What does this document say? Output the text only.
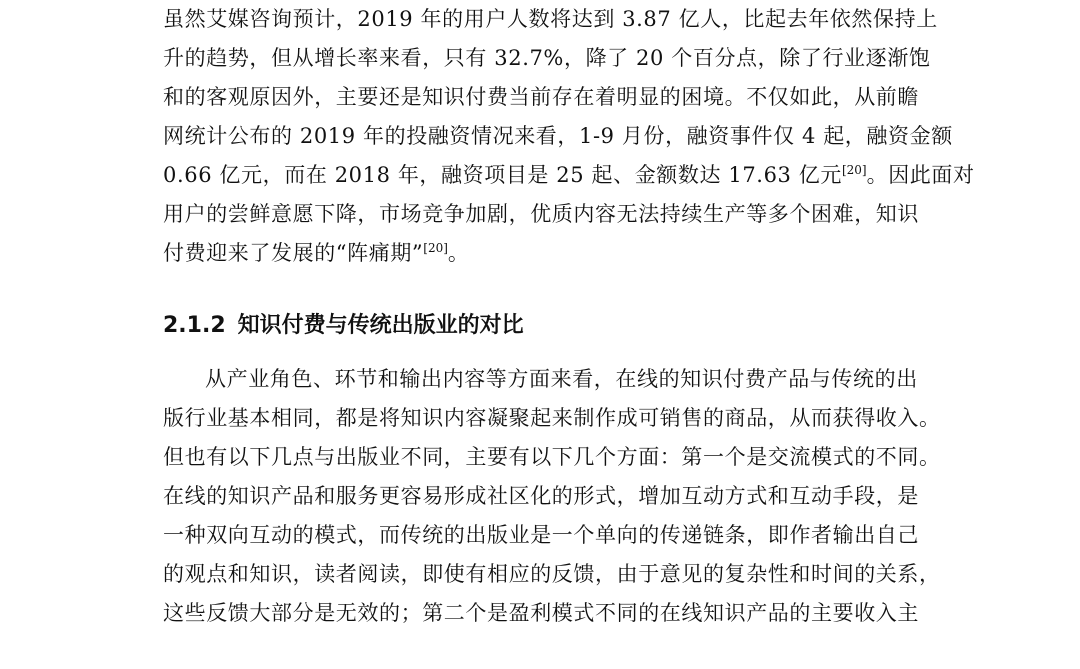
虽然艾媒咨询预计，2019 年的用户人数将达到 3.87 亿人，比起去年依然保持上
升的趋势，但从增长率来看，只有 32.7%，降了 20 个百分点，除了行业逐渐饱
和的客观原因外，主要还是知识付费当前存在着明显的困境。不仅如此，从前瞻
网统计公布的 2019 年的投融资情况来看，1-9 月份，融资事件仅 4 起，融资金额
0.66 亿元，而在 2018 年，融资项目是 25 起、金额数达 17.63 亿元[20]。因此面对
用户的尝鲜意愿下降，市场竞争加剧，优质内容无法持续生产等多个困难，知识
付费迎来了发展的“阵痛期”[20]。
2.1.2 知识付费与传统出版业的对比
从产业角色、环节和输出内容等方面来看，在线的知识付费产品与传统的出
版行业基本相同，都是将知识内容凝聚起来制作成可销售的商品，从而获得收入。
但也有以下几点与出版业不同，主要有以下几个方面：第一个是交流模式的不同。
在线的知识产品和服务更容易形成社区化的形式，增加互动方式和互动手段，是
一种双向互动的模式，而传统的出版业是一个单向的传递链条，即作者输出自己
的观点和知识，读者阅读，即使有相应的反馈，由于意见的复杂性和时间的关系，
这些反馈大部分是无效的；第二个是盈利模式不同的在线知识产品的主要收入主
